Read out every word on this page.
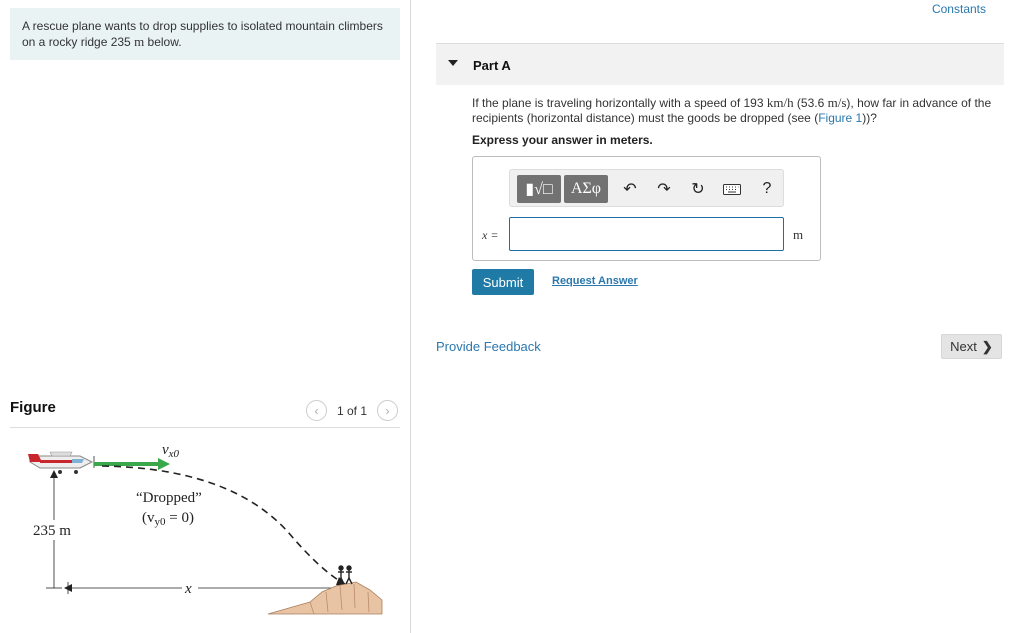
A rescue plane wants to drop supplies to isolated mountain climbers on a rocky ridge 235 m below.
Figure	‹	1 of 1	›
$v_{x0}$
“Dropped”
$(v_{y0} = 0)$
235 m
x
Constants
Part A
If the plane is traveling horizontally with a speed of 193 km/h (53.6 m/s), how far in advance of the recipients (horizontal distance) must the goods be dropped (see (Figure 1))?
Express your answer in meters.
▮√□ ΑΣφ	↶	↷	↻	?
x =	m
Submit	Request Answer
Provide Feedback	Next ❯
